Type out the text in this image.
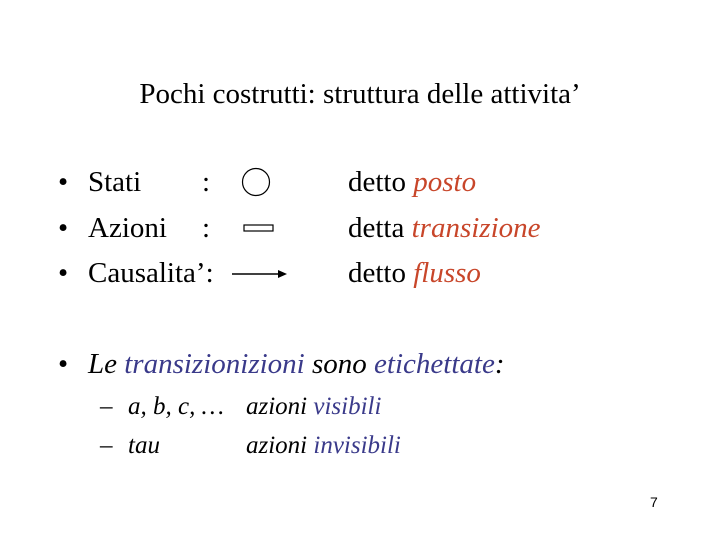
Pochi costrutti: struttura delle attivita’
• Stati :	detto posto
• Azioni :	detta transizione
• Causalita’:	detto flusso
• Le transizionizioni sono etichettate:
– a, b, c, … azioni visibili
– tau	azioni invisibili
7
